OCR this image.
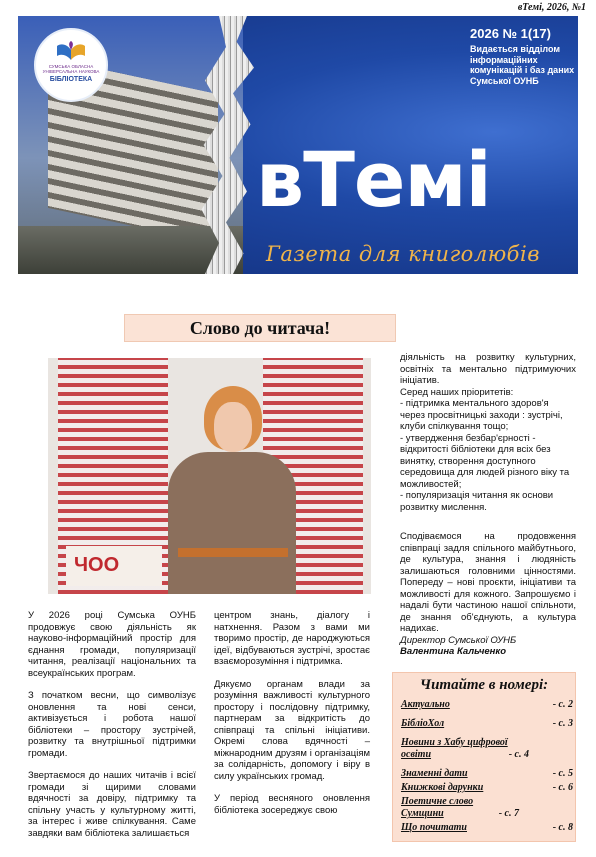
вТемі, 2026, №1
СУМСЬКА ОБЛАСНА УНІВЕРСАЛЬНА НАУКОВА
БІБЛІОТЕКА
2026 № 1(17)
Видається відділом інформаційних комунікацій і баз даних Сумської ОУНБ
вТемі
Газета для книголюбів
Слово до читача!
ЧОО

У 2026 році Сумська ОУНБ продовжує свою діяльність як науково-інформаційний простір для єднання громади, популяризації читання, реалізації національних та всеукраїнських програм.

З початком весни, що символізує оновлення та нові сенси, активізується і робота нашої бібліотеки – простору зустрічей, розвитку та внутрішньої підтримки громади.

Звертаємося до наших читачів і всієї громади зі щирими словами вдячності за довіру, підтримку та спільну участь у культурному житті, за інтерес і живе спілкування. Саме завдяки вам бібліотека залишається

центром знань, діалогу і натхнення. Разом з вами ми творимо простір, де народжуються ідеї, відбуваються зустрічі, зростає взаєморозуміння і підтримка.

Дякуємо органам влади за розуміння важливості культурного простору і послідовну підтримку, партнерам за відкритість до співпраці та спільні ініціативи. Окремі слова вдячності – міжнародним друзям і організаціям за солідарність, допомогу і віру в силу українських громад.

У період весняного оновлення бібліотека зосереджує свою

діяльність на розвитку культурних, освітніх та ментально підтримуючих ініціатив.

Серед наших пріоритетів:

- підтримка ментального здоров'я через просвітницькі заходи : зустрічі, клуби спілкування тощо;

- утвердження безбар'єрності - відкритості бібліотеки для всіх без винятку, створення доступного середовища для людей різного віку та можливостей;

- популяризація читання як основи розвитку мислення.

Сподіваємося на продовження співпраці задля спільного майбутнього, де культура, знання і людяність залишаються головними цінностями. Попереду – нові проєкти, ініціативи та можливості для кожного. Запрошуємо і надалі бути частиною нашої спільноти, де знання об'єднують, а культура надихає.

Директор Сумської ОУНБ

Валентина Кальченко

Читайте в номері:
Актуально	- с. 2
БібліоХол	- с. 3
Новини з Хабу цифрової освіти	- с. 4
Знаменні дати	- с. 5
Книжкові дарунки	- с. 6
Поетичне слово Сумщини	- с. 7
Що почитати	- с. 8
